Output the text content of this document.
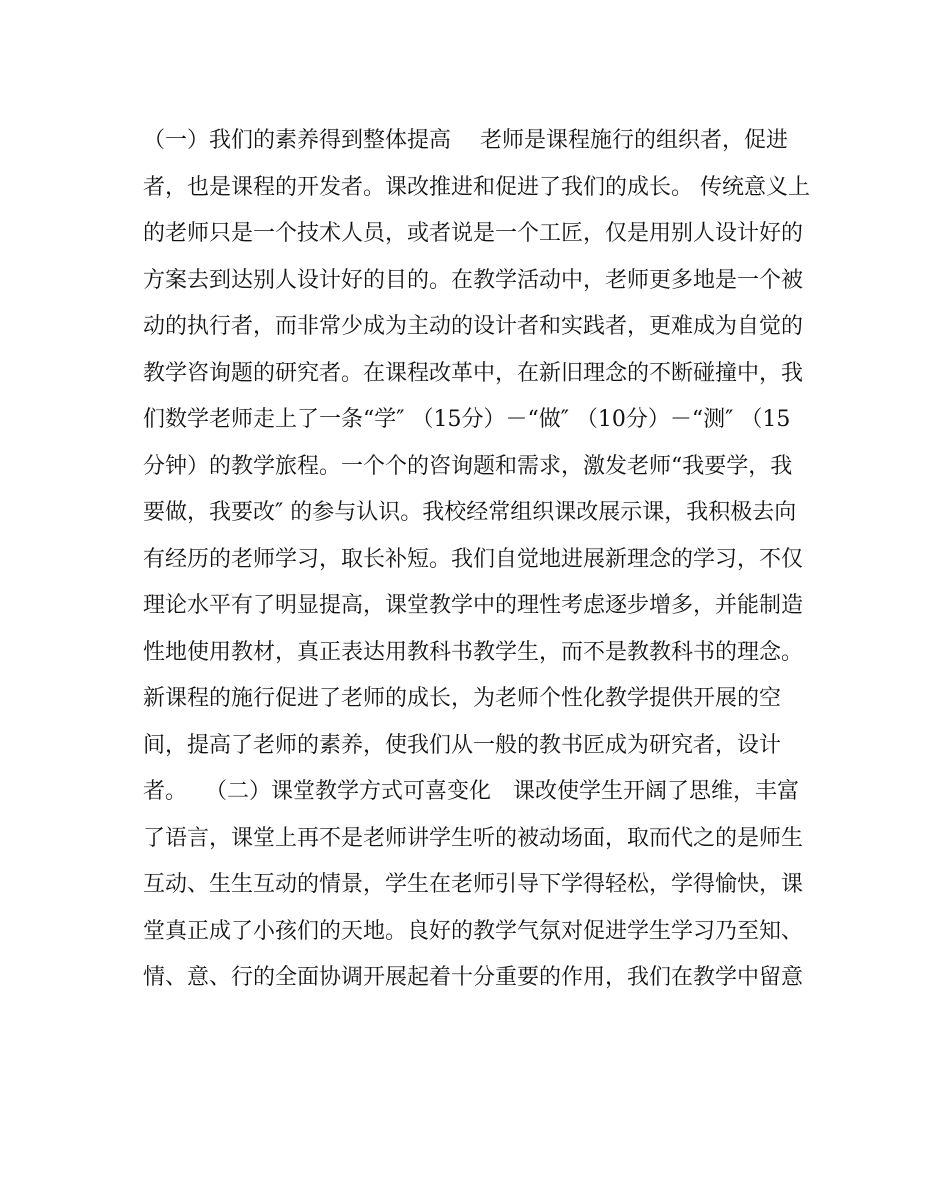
（一）我们的素养得到整体提高　 老师是课程施行的组织者，促进
者，也是课程的开发者。课改推进和促进了我们的成长。 传统意义上
的老师只是一个技术人员，或者说是一个工匠，仅是用别人设计好的
方案去到达别人设计好的目的。在教学活动中，老师更多地是一个被
动的执行者，而非常少成为主动的设计者和实践者，更难成为自觉的
教学咨询题的研究者。在课程改革中，在新旧理念的不断碰撞中，我
们数学老师走上了一条“学″ （15分）－“做″ （10分）－“测″ （15
分钟）的教学旅程。一个个的咨询题和需求，激发老师“我要学，我
要做，我要改″ 的参与认识。我校经常组织课改展示课，我积极去向
有经历的老师学习，取长补短。我们自觉地进展新理念的学习，不仅
理论水平有了明显提高，课堂教学中的理性考虑逐步增多，并能制造
性地使用教材，真正表达用教科书教学生，而不是教教科书的理念。
新课程的施行促进了老师的成长，为老师个性化教学提供开展的空
间，提高了老师的素养，使我们从一般的教书匠成为研究者，设计
者。　 （二）课堂教学方式可喜变化　课改使学生开阔了思维，丰富
了语言，课堂上再不是老师讲学生听的被动场面，取而代之的是师生
互动、生生互动的情景，学生在老师引导下学得轻松，学得愉快，课
堂真正成了小孩们的天地。良好的教学气氛对促进学生学习乃至知、
情、意、行的全面协调开展起着十分重要的作用，我们在教学中留意
